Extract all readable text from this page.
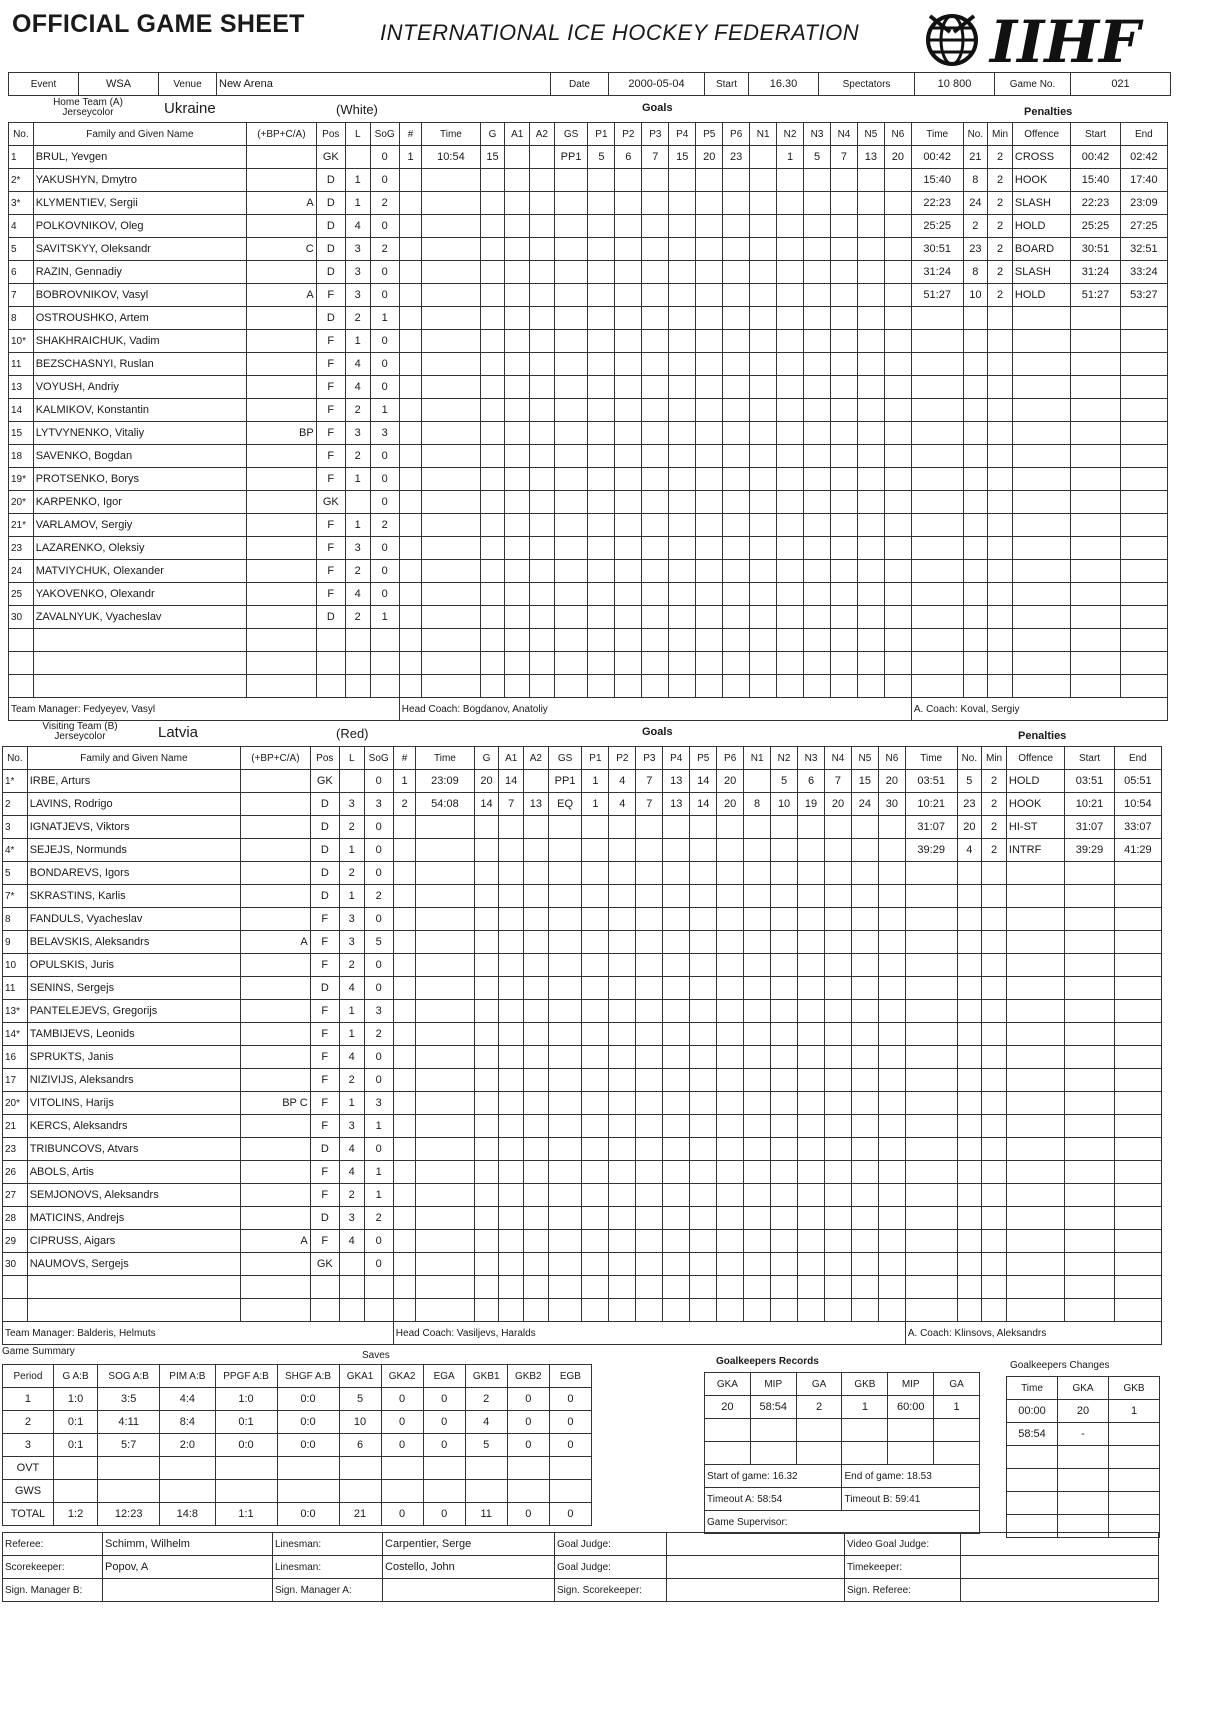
OFFICIAL GAME SHEET	INTERNATIONAL ICE HOCKEY FEDERATION IIHF
Event	WSA	Venue	New Arena	Date	2000-05-04	Start	16.30	Spectators	10 800	Game No.	021
Home Team (A)
Jerseycolor	Ukraine	(White)	Goals	Penalties
No.	Family and Given Name	(+BP+C/A)	Pos	L	SoG	#	Time	G	A1	A2	GS	P1	P2	P3	P4	P5	P6	N1	N2	N3	N4	N5	N6	Time	No.	Min	Offence	Start	End
1	BRUL, Yevgen		GK		0	1	10:54	15			PP1	5	6	7	15	20	23		1	5	7	13	20	00:42	21	2	CROSS	00:42	02:42
2*	YAKUSHYN, Dmytro		D	1	0																			15:40	8	2	HOOK	15:40	17:40
3*	KLYMENTIEV, Sergii	A	D	1	2																			22:23	24	2	SLASH	22:23	23:09
4	POLKOVNIKOV, Oleg		D	4	0																			25:25	2	2	HOLD	25:25	27:25
5	SAVITSKYY, Oleksandr	C	D	3	2																			30:51	23	2	BOARD	30:51	32:51
6	RAZIN, Gennadiy		D	3	0																			31:24	8	2	SLASH	31:24	33:24
7	BOBROVNIKOV, Vasyl	A	F	3	0																			51:27	10	2	HOLD	51:27	53:27
8	OSTROUSHKO, Artem		D	2	1																								
10*	SHAKHRAICHUK, Vadim		F	1	0																								
11	BEZSCHASNYI, Ruslan		F	4	0																								
13	VOYUSH, Andriy		F	4	0																								
14	KALMIKOV, Konstantin		F	2	1																								
15	LYTVYNENKO, Vitaliy	BP	F	3	3																								
18	SAVENKO, Bogdan		F	2	0																								
19*	PROTSENKO, Borys		F	1	0																								
20*	KARPENKO, Igor		GK		0																								
21*	VARLAMOV, Sergiy		F	1	2																								
23	LAZARENKO, Oleksiy		F	3	0																								
24	MATVIYCHUK, Olexander		F	2	0																								
25	YAKOVENKO, Olexandr		F	4	0																								
30	ZAVALNYUK, Vyacheslav		D	2	1																								

Team Manager: Fedyeyev, Vasyl						Head Coach: Bogdanov, Anatoliy																		A. Coach: Koval, Sergiy					
Visiting Team (B)
Jerseycolor	Latvia	(Red)	Goals	Penalties
No.	Family and Given Name	(+BP+C/A)	Pos	L	SoG	#	Time	G	A1	A2	GS	P1	P2	P3	P4	P5	P6	N1	N2	N3	N4	N5	N6	Time	No.	Min	Offence	Start	End
1*	IRBE, Arturs		GK		0	1	23:09	20	14		PP1	1	4	7	13	14	20		5	6	7	15	20	03:51	5	2	HOLD	03:51	05:51
2	LAVINS, Rodrigo		D	3	3	2	54:08	14	7	13	EQ	1	4	7	13	14	20	8	10	19	20	24	30	10:21	23	2	HOOK	10:21	10:54
3	IGNATJEVS, Viktors		D	2	0																			31:07	20	2	HI-ST	31:07	33:07
4*	SEJEJS, Normunds		D	1	0																			39:29	4	2	INTRF	39:29	41:29
5	BONDAREVS, Igors		D	2	0																								
7*	SKRASTINS, Karlis		D	1	2																								
8	FANDULS, Vyacheslav		F	3	0																								
9	BELAVSKIS, Aleksandrs	A	F	3	5																								
10	OPULSKIS, Juris		F	2	0																								
11	SENINS, Sergejs		D	4	0																								
13*	PANTELEJEVS, Gregorijs		F	1	3																								
14*	TAMBIJEVS, Leonids		F	1	2																								
16	SPRUKTS, Janis		F	4	0																								
17	NIZIVIJS, Aleksandrs		F	2	0																								
20*	VITOLINS, Harijs	BP C	F	1	3																								
21	KERCS, Aleksandrs		F	3	1																								
23	TRIBUNCOVS, Atvars		D	4	0																								
26	ABOLS, Artis		F	4	1																								
27	SEMJONOVS, Aleksandrs		F	2	1																								
28	MATICINS, Andrejs		D	3	2																								
29	CIPRUSS, Aigars	A	F	4	0																								
30	NAUMOVS, Sergejs		GK		0																								

Team Manager: Balderis, Helmuts						Head Coach: Vasiljevs, Haralds																		A. Coach: Klinsovs, Aleksandrs					
Game Summary	Saves
Period	G A:B	SOG A:B	PIM A:B	PPGF A:B	SHGF A:B	GKA1	GKA2	EGA	GKB1	GKB2	EGB
1	1:0	3:5	4:4	1:0	0:0	5	0	0	2	0	0
2	0:1	4:11	8:4	0:1	0:0	10	0	0	4	0	0
3	0:1	5:7	2:0	0:0	0:0	6	0	0	5	0	0
OVT											
GWS											
TOTAL	1:2	12:23	14:8	1:1	0:0	21	0	0	11	0	0
Goalkeepers Records
GKA	MIP	GA	GKB	MIP	GA
20	58:54	2	1	60:00	1

Start of game: 16.32			End of game: 18.53		
Timeout A: 58:54			Timeout B: 59:41		
Game Supervisor:					
Goalkeepers Changes
Time	GKA	GKB
00:00	20	1
58:54	-	

Referee:	Schimm, Wilhelm	Linesman:	Carpentier, Serge	Goal Judge:		Video Goal Judge:	
Scorekeeper:	Popov, A	Linesman:	Costello, John	Goal Judge:		Timekeeper:	
Sign. Manager B:		Sign. Manager A:		Sign. Scorekeeper:		Sign. Referee:	
